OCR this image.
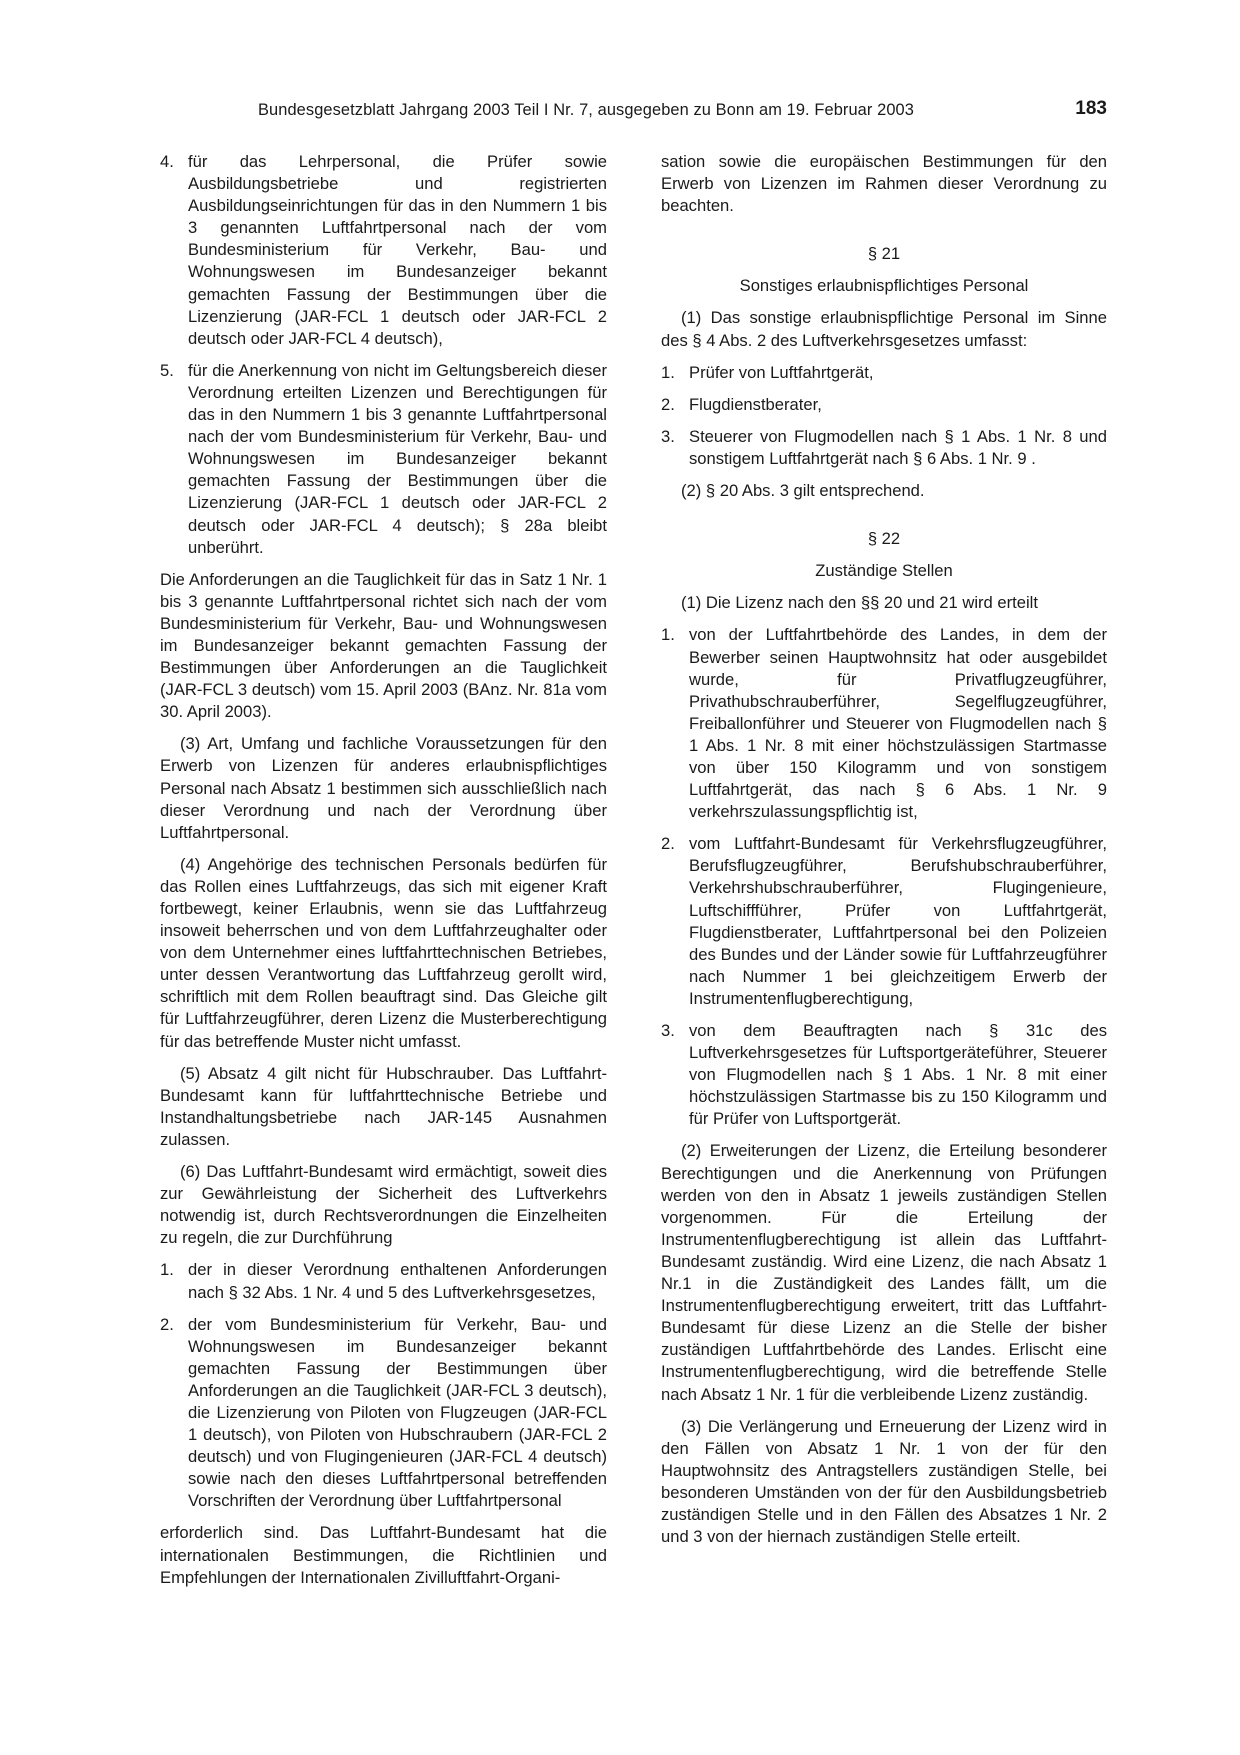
Bundesgesetzblatt Jahrgang 2003 Teil I Nr. 7, ausgegeben zu Bonn am 19. Februar 2003	183
4. für das Lehrpersonal, die Prüfer sowie Ausbildungsbetriebe und registrierten Ausbildungseinrichtungen für das in den Nummern 1 bis 3 genannten Luftfahrtpersonal nach der vom Bundesministerium für Verkehr, Bau- und Wohnungswesen im Bundesanzeiger bekannt gemachten Fassung der Bestimmungen über die Lizenzierung (JAR-FCL 1 deutsch oder JAR-FCL 2 deutsch oder JAR-FCL 4 deutsch),
5. für die Anerkennung von nicht im Geltungsbereich dieser Verordnung erteilten Lizenzen und Berechtigungen für das in den Nummern 1 bis 3 genannte Luftfahrtpersonal nach der vom Bundesministerium für Verkehr, Bau- und Wohnungswesen im Bundesanzeiger bekannt gemachten Fassung der Bestimmungen über die Lizenzierung (JAR-FCL 1 deutsch oder JAR-FCL 2 deutsch oder JAR-FCL 4 deutsch); § 28a bleibt unberührt.

Die Anforderungen an die Tauglichkeit für das in Satz 1 Nr. 1 bis 3 genannte Luftfahrtpersonal richtet sich nach der vom Bundesministerium für Verkehr, Bau- und Wohnungswesen im Bundesanzeiger bekannt gemachten Fassung der Bestimmungen über Anforderungen an die Tauglichkeit (JAR-FCL 3 deutsch) vom 15. April 2003 (BAnz. Nr. 81a vom 30. April 2003).

(3) Art, Umfang und fachliche Voraussetzungen für den Erwerb von Lizenzen für anderes erlaubnispflichtiges Personal nach Absatz 1 bestimmen sich ausschließlich nach dieser Verordnung und nach der Verordnung über Luftfahrtpersonal.

(4) Angehörige des technischen Personals bedürfen für das Rollen eines Luftfahrzeugs, das sich mit eigener Kraft fortbewegt, keiner Erlaubnis, wenn sie das Luftfahrzeug insoweit beherrschen und von dem Luftfahrzeughalter oder von dem Unternehmer eines luftfahrttechnischen Betriebes, unter dessen Verantwortung das Luftfahrzeug gerollt wird, schriftlich mit dem Rollen beauftragt sind. Das Gleiche gilt für Luftfahrzeugführer, deren Lizenz die Musterberechtigung für das betreffende Muster nicht umfasst.

(5) Absatz 4 gilt nicht für Hubschrauber. Das Luftfahrt-Bundesamt kann für luftfahrttechnische Betriebe und Instandhaltungsbetriebe nach JAR-145 Ausnahmen zulassen.

(6) Das Luftfahrt-Bundesamt wird ermächtigt, soweit dies zur Gewährleistung der Sicherheit des Luftverkehrs notwendig ist, durch Rechtsverordnungen die Einzelheiten zu regeln, die zur Durchführung

1. der in dieser Verordnung enthaltenen Anforderungen nach § 32 Abs. 1 Nr. 4 und 5 des Luftverkehrsgesetzes,
2. der vom Bundesministerium für Verkehr, Bau- und Wohnungswesen im Bundesanzeiger bekannt gemachten Fassung der Bestimmungen über Anforderungen an die Tauglichkeit (JAR-FCL 3 deutsch), die Lizenzierung von Piloten von Flugzeugen (JAR-FCL 1 deutsch), von Piloten von Hubschraubern (JAR-FCL 2 deutsch) und von Flugingenieuren (JAR-FCL 4 deutsch) sowie nach den dieses Luftfahrtpersonal betreffenden Vorschriften der Verordnung über Luftfahrtpersonal

erforderlich sind. Das Luftfahrt-Bundesamt hat die internationalen Bestimmungen, die Richtlinien und Empfehlungen der Internationalen Zivilluftfahrt-Organi-

sation sowie die europäischen Bestimmungen für den Erwerb von Lizenzen im Rahmen dieser Verordnung zu beachten.

§ 21
Sonstiges erlaubnispflichtiges Personal

(1) Das sonstige erlaubnispflichtige Personal im Sinne des § 4 Abs. 2 des Luftverkehrsgesetzes umfasst:

1. Prüfer von Luftfahrtgerät,
2. Flugdienstberater,
3. Steuerer von Flugmodellen nach § 1 Abs. 1 Nr. 8 und sonstigem Luftfahrtgerät nach § 6 Abs. 1 Nr. 9 .

(2) § 20 Abs. 3 gilt entsprechend.

§ 22
Zuständige Stellen

(1) Die Lizenz nach den §§ 20 und 21 wird erteilt

1. von der Luftfahrtbehörde des Landes, in dem der Bewerber seinen Hauptwohnsitz hat oder ausgebildet wurde, für Privatflugzeugführer, Privathubschrauberführer, Segelflugzeugführer, Freiballonführer und Steuerer von Flugmodellen nach § 1 Abs. 1 Nr. 8 mit einer höchstzulässigen Startmasse von über 150 Kilogramm und von sonstigem Luftfahrtgerät, das nach § 6 Abs. 1 Nr. 9 verkehrszulassungspflichtig ist,
2. vom Luftfahrt-Bundesamt für Verkehrsflugzeugführer, Berufsflugzeugführer, Berufshubschrauberführer, Verkehrshubschrauberführer, Flugingenieure, Luftschiffführer, Prüfer von Luftfahrtgerät, Flugdienstberater, Luftfahrtpersonal bei den Polizeien des Bundes und der Länder sowie für Luftfahrzeugführer nach Nummer 1 bei gleichzeitigem Erwerb der Instrumentenflugberechtigung,
3. von dem Beauftragten nach § 31c des Luftverkehrsgesetzes für Luftsportgeräteführer, Steuerer von Flugmodellen nach § 1 Abs. 1 Nr. 8 mit einer höchstzulässigen Startmasse bis zu 150 Kilogramm und für Prüfer von Luftsportgerät.

(2) Erweiterungen der Lizenz, die Erteilung besonderer Berechtigungen und die Anerkennung von Prüfungen werden von den in Absatz 1 jeweils zuständigen Stellen vorgenommen. Für die Erteilung der Instrumentenflugberechtigung ist allein das Luftfahrt-Bundesamt zuständig. Wird eine Lizenz, die nach Absatz 1 Nr.1 in die Zuständigkeit des Landes fällt, um die Instrumentenflugberechtigung erweitert, tritt das Luftfahrt-Bundesamt für diese Lizenz an die Stelle der bisher zuständigen Luftfahrtbehörde des Landes. Erlischt eine Instrumentenflugberechtigung, wird die betreffende Stelle nach Absatz 1 Nr. 1 für die verbleibende Lizenz zuständig.

(3) Die Verlängerung und Erneuerung der Lizenz wird in den Fällen von Absatz 1 Nr. 1 von der für den Hauptwohnsitz des Antragstellers zuständigen Stelle, bei besonderen Umständen von der für den Ausbildungsbetrieb zuständigen Stelle und in den Fällen des Absatzes 1 Nr. 2 und 3 von der hiernach zuständigen Stelle erteilt.
